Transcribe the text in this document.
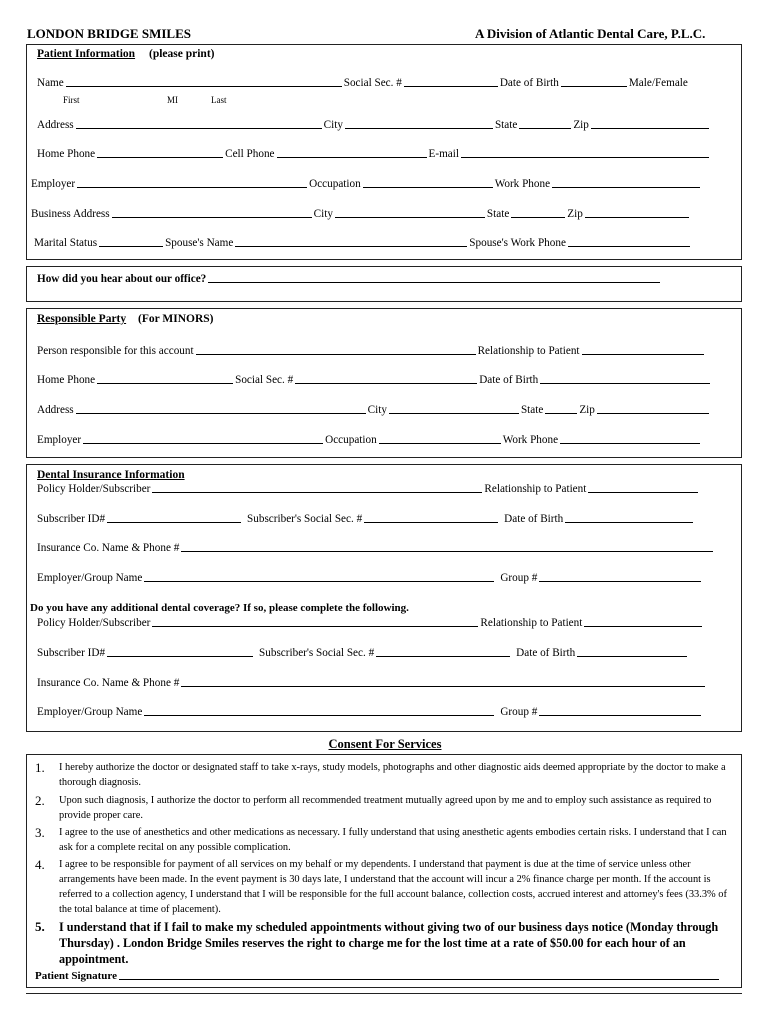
LONDON BRIDGE SMILES	A Division of Atlantic Dental Care, P.L.C.
Patient Information (please print)
Name	Social Sec. #	Date of Birth	Male/Female
First	MI	Last
Address	City	State	Zip
Home Phone	Cell Phone	E-mail
Employer	Occupation	Work Phone
Business Address	City	State	Zip
Marital Status	Spouse's Name	Spouse's Work Phone
How did you hear about our office?
Responsible Party (For MINORS)
Person responsible for this account	Relationship to Patient
Home Phone	Social Sec. #	Date of Birth
Address	City	State	Zip
Employer	Occupation	Work Phone
Dental Insurance Information
Policy Holder/Subscriber	Relationship to Patient
Subscriber ID#	Subscriber's Social Sec. #	Date of Birth
Insurance Co. Name & Phone #
Employer/Group Name	Group #
Do you have any additional dental coverage? If so, please complete the following.
Policy Holder/Subscriber	Relationship to Patient
Subscriber ID#	Subscriber's Social Sec. #	Date of Birth
Insurance Co. Name & Phone #
Employer/Group Name	Group #
Consent For Services
1.	I hereby authorize the doctor or designated staff to take x-rays, study models, photographs and other diagnostic aids deemed appropriate by the doctor to make a thorough diagnosis.
2.	Upon such diagnosis, I authorize the doctor to perform all recommended treatment mutually agreed upon by me and to employ such assistance as required to provide proper care.
3.	I agree to the use of anesthetics and other medications as necessary. I fully understand that using anesthetic agents embodies certain risks. I understand that I can ask for a complete recital on any possible complication.
4.	I agree to be responsible for payment of all services on my behalf or my dependents. I understand that payment is due at the time of service unless other arrangements have been made. In the event payment is 30 days late, I understand that the account will incur a 2% finance charge per month. If the account is referred to a collection agency, I understand that I will be responsible for the full account balance, collection costs, accrued interest and attorney's fees (33.3% of the total balance at time of placement).
5.	I understand that if I fail to make my scheduled appointments without giving two of our business days notice (Monday through Thursday) . London Bridge Smiles reserves the right to charge me for the lost time at a rate of $50.00 for each hour of an appointment.
Patient Signature
